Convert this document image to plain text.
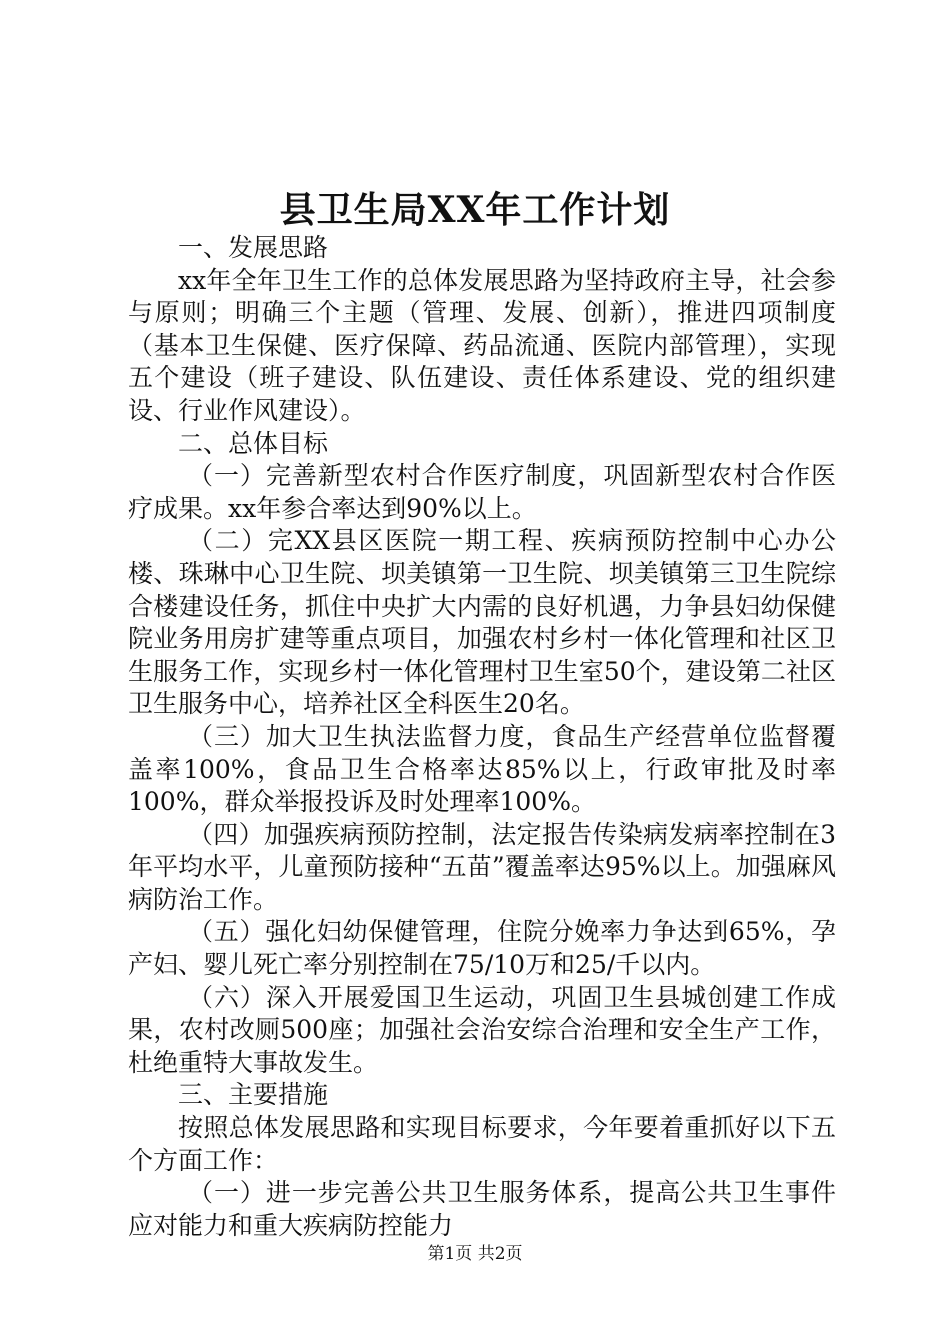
县卫生局XX年工作计划

一、发展思路

xx年全年卫生工作的总体发展思路为坚持政府主导，社会参与原则；明确三个主题（管理、发展、创新），推进四项制度（基本卫生保健、医疗保障、药品流通、医院内部管理），实现五个建设（班子建设、队伍建设、责任体系建设、党的组织建设、行业作风建设）。

二、总体目标

（一）完善新型农村合作医疗制度，巩固新型农村合作医疗成果。xx年参合率达到90%以上。

（二）完XX县区医院一期工程、疾病预防控制中心办公楼、珠琳中心卫生院、坝美镇第一卫生院、坝美镇第三卫生院综合楼建设任务，抓住中央扩大内需的良好机遇，力争县妇幼保健院业务用房扩建等重点项目，加强农村乡村一体化管理和社区卫生服务工作，实现乡村一体化管理村卫生室50个，建设第二社区卫生服务中心，培养社区全科医生20名。

（三）加大卫生执法监督力度，食品生产经营单位监督覆盖率100%，食品卫生合格率达85%以上，行政审批及时率100%，群众举报投诉及时处理率100%。

（四）加强疾病预防控制，法定报告传染病发病率控制在3年平均水平，儿童预防接种“五苗”覆盖率达95%以上。加强麻风病防治工作。

（五）强化妇幼保健管理，住院分娩率力争达到65%，孕产妇、婴儿死亡率分别控制在75/10万和25/千以内。

（六）深入开展爱国卫生运动，巩固卫生县城创建工作成果，农村改厕500座；加强社会治安综合治理和安全生产工作，杜绝重特大事故发生。

三、主要措施

按照总体发展思路和实现目标要求，今年要着重抓好以下五个方面工作：

（一）进一步完善公共卫生服务体系，提高公共卫生事件应对能力和重大疾病防控能力

第1页 共2页
